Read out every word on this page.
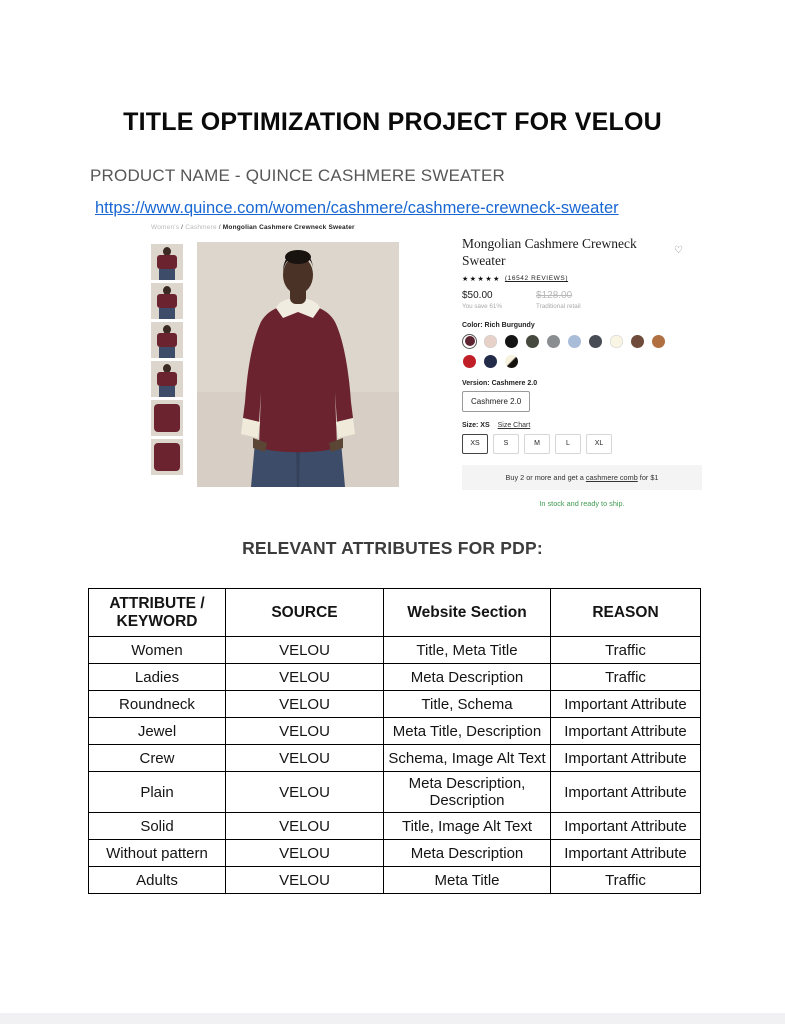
TITLE OPTIMIZATION PROJECT FOR VELOU
PRODUCT NAME - QUINCE CASHMERE SWEATER
https://www.quince.com/women/cashmere/cashmere-crewneck-sweater
Women's / Cashmere / Mongolian Cashmere Crewneck Sweater
Mongolian Cashmere Crewneck Sweater
♡
★★★★★ (16542 REVIEWS)
$50.00
You save 61%
$128.00
Traditional retail
Color: Rich Burgundy
Version: Cashmere 2.0
Cashmere 2.0
Size: XS Size Chart
XS	S	M	L	XL
Buy 2 or more and get a cashmere comb for $1
In stock and ready to ship.
RELEVANT ATTRIBUTES FOR PDP:
ATTRIBUTE / KEYWORD	SOURCE	Website Section	REASON
Women	VELOU	Title, Meta Title	Traffic
Ladies	VELOU	Meta Description	Traffic
Roundneck	VELOU	Title, Schema	Important Attribute
Jewel	VELOU	Meta Title, Description	Important Attribute
Crew	VELOU	Schema, Image Alt Text	Important Attribute
Plain	VELOU	Meta Description, Description	Important Attribute
Solid	VELOU	Title, Image Alt Text	Important Attribute
Without pattern	VELOU	Meta Description	Important Attribute
Adults	VELOU	Meta Title	Traffic
